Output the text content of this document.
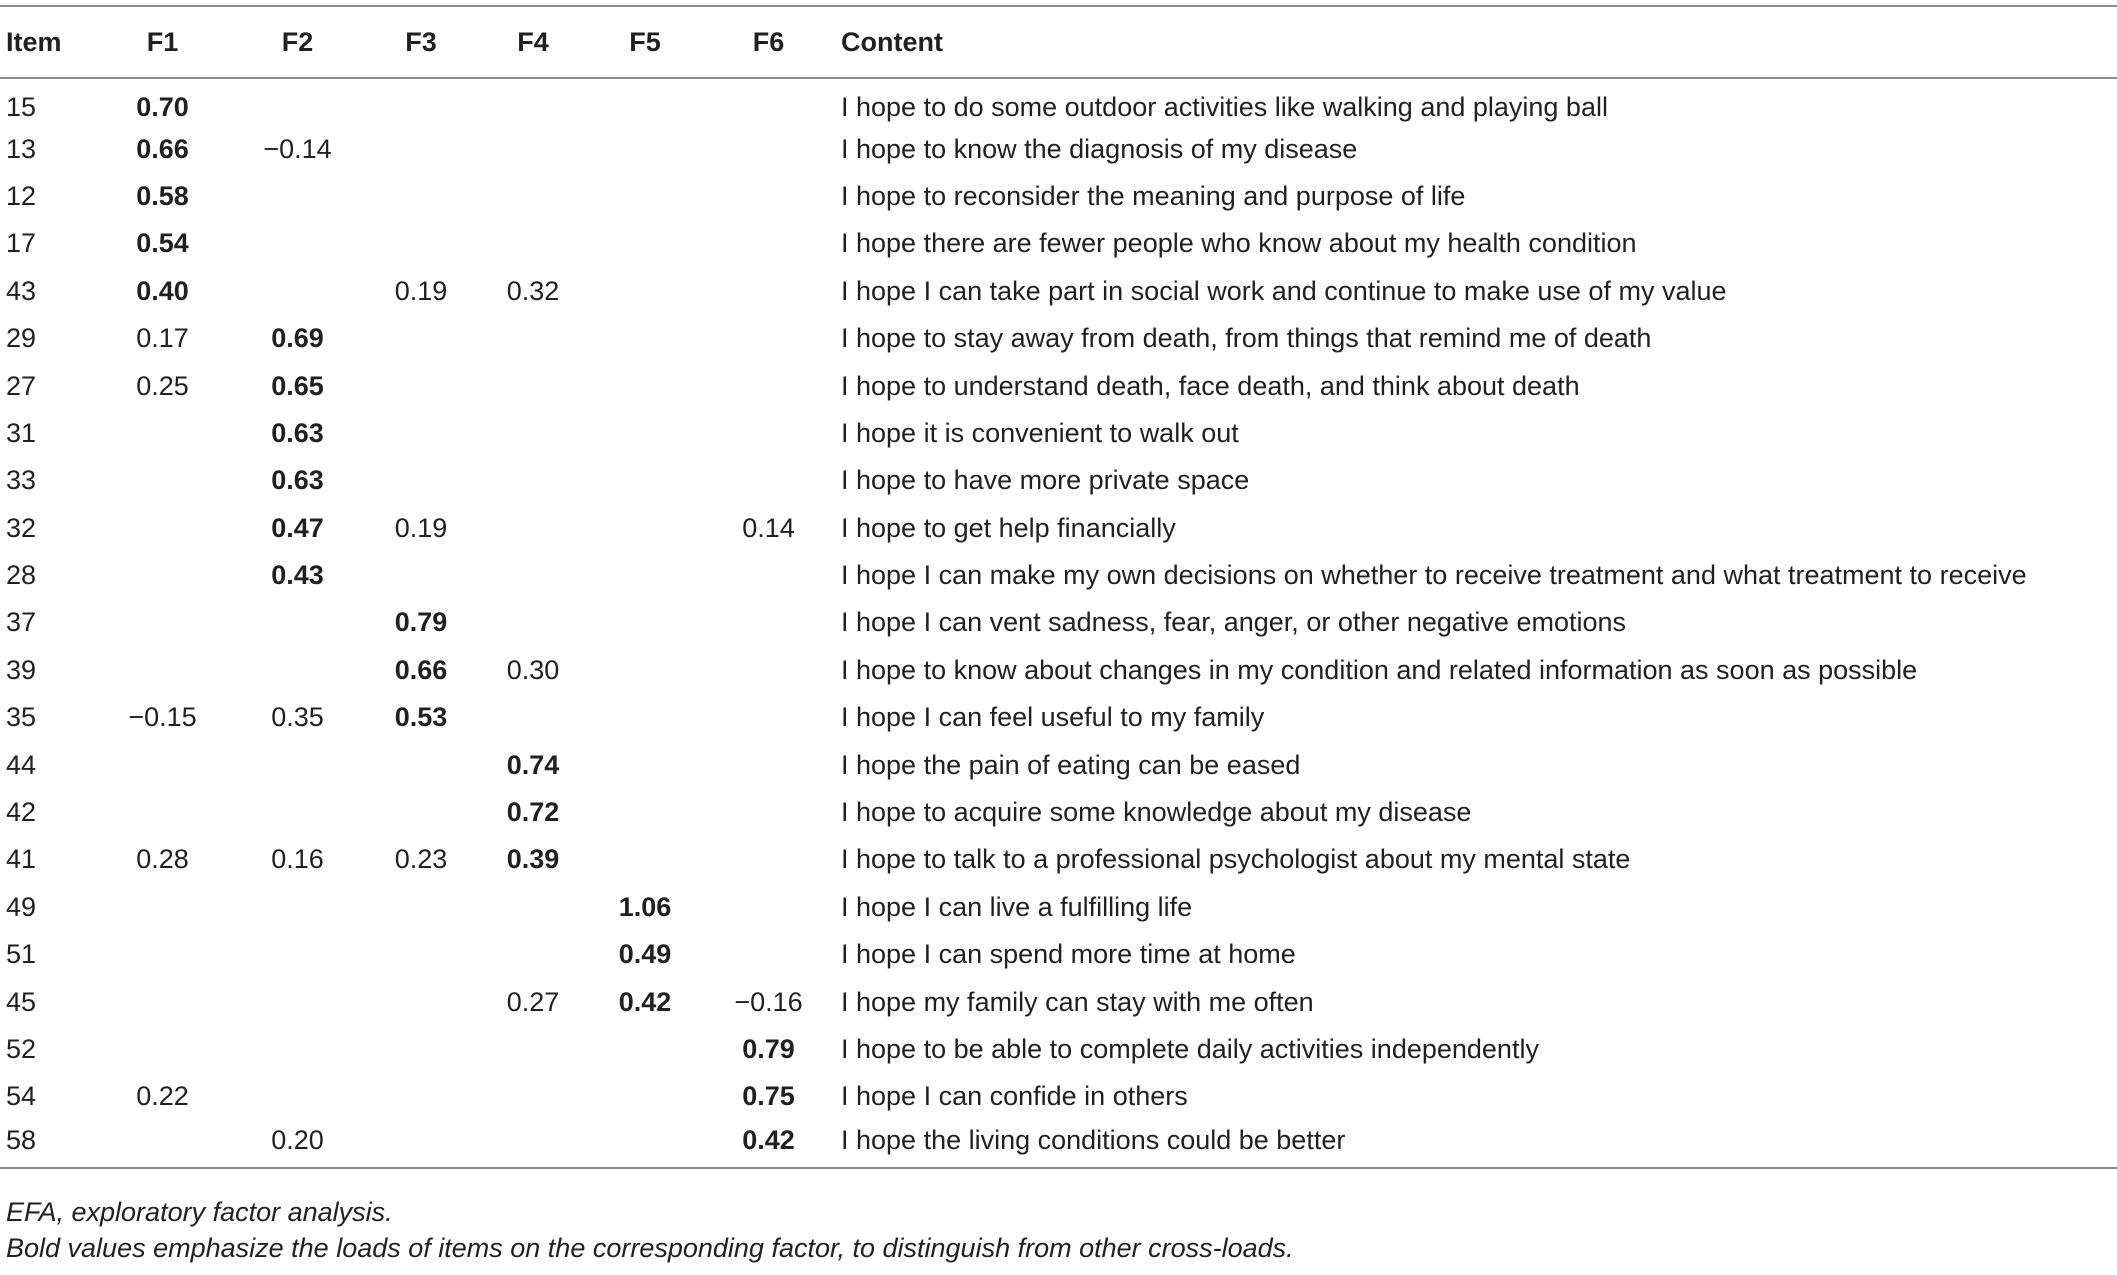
Item	F1	F2	F3	F4	F5	F6	Content
15	0.70						I hope to do some outdoor activities like walking and playing ball
13	0.66	−0.14					I hope to know the diagnosis of my disease
12	0.58						I hope to reconsider the meaning and purpose of life
17	0.54						I hope there are fewer people who know about my health condition
43	0.40		0.19	0.32			I hope I can take part in social work and continue to make use of my value
29	0.17	0.69					I hope to stay away from death, from things that remind me of death
27	0.25	0.65					I hope to understand death, face death, and think about death
31		0.63					I hope it is convenient to walk out
33		0.63					I hope to have more private space
32		0.47	0.19			0.14	I hope to get help financially
28		0.43					I hope I can make my own decisions on whether to receive treatment and what treatment to receive
37			0.79				I hope I can vent sadness, fear, anger, or other negative emotions
39			0.66	0.30			I hope to know about changes in my condition and related information as soon as possible
35	−0.15	0.35	0.53				I hope I can feel useful to my family
44				0.74			I hope the pain of eating can be eased
42				0.72			I hope to acquire some knowledge about my disease
41	0.28	0.16	0.23	0.39			I hope to talk to a professional psychologist about my mental state
49					1.06		I hope I can live a fulfilling life
51					0.49		I hope I can spend more time at home
45				0.27	0.42	−0.16	I hope my family can stay with me often
52						0.79	I hope to be able to complete daily activities independently
54	0.22					0.75	I hope I can confide in others
58		0.20				0.42	I hope the living conditions could be better
EFA, exploratory factor analysis.
Bold values emphasize the loads of items on the corresponding factor, to distinguish from other cross-loads.
